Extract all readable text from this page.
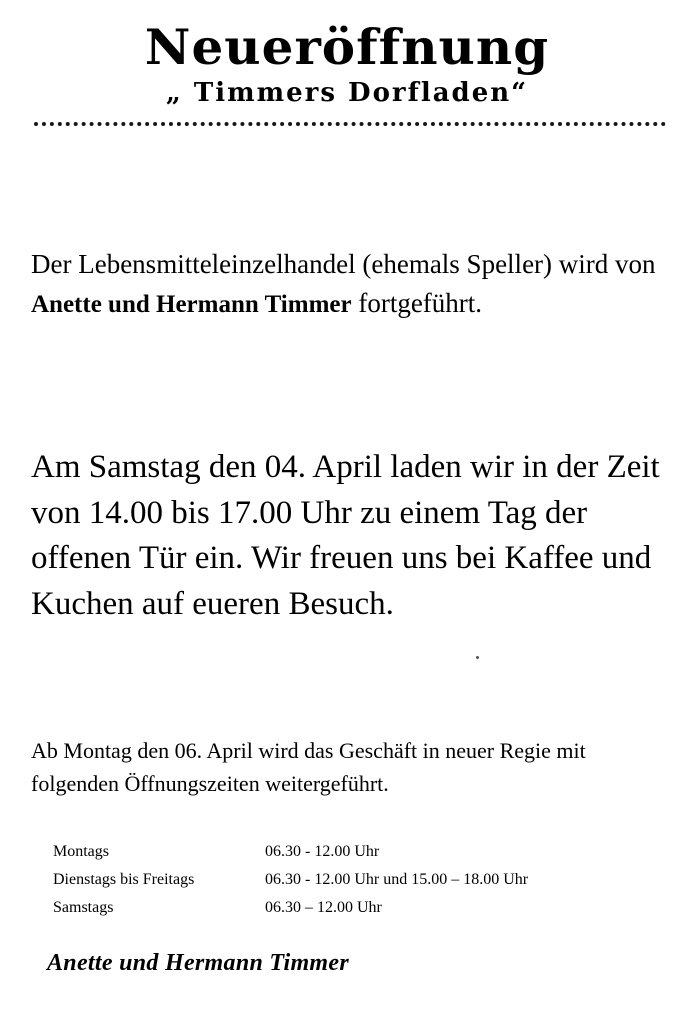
Neueröffnung
„ Timmers Dorfladen“

Der Lebensmitteleinzelhandel (ehemals Speller) wird von Anette und Hermann Timmer fortgeführt.

Am Samstag den 04. April laden wir in der Zeit von 14.00 bis 17.00 Uhr zu einem Tag der offenen Tür ein. Wir freuen uns bei Kaffee und Kuchen auf eueren Besuch.

Ab Montag den 06. April wird das Geschäft in neuer Regie mit folgenden Öffnungszeiten weitergeführt.

Montags	06.30 - 12.00 Uhr
Dienstags bis Freitags	06.30 - 12.00 Uhr und 15.00 – 18.00 Uhr
Samstags	06.30 – 12.00 Uhr
Anette und Hermann Timmer
